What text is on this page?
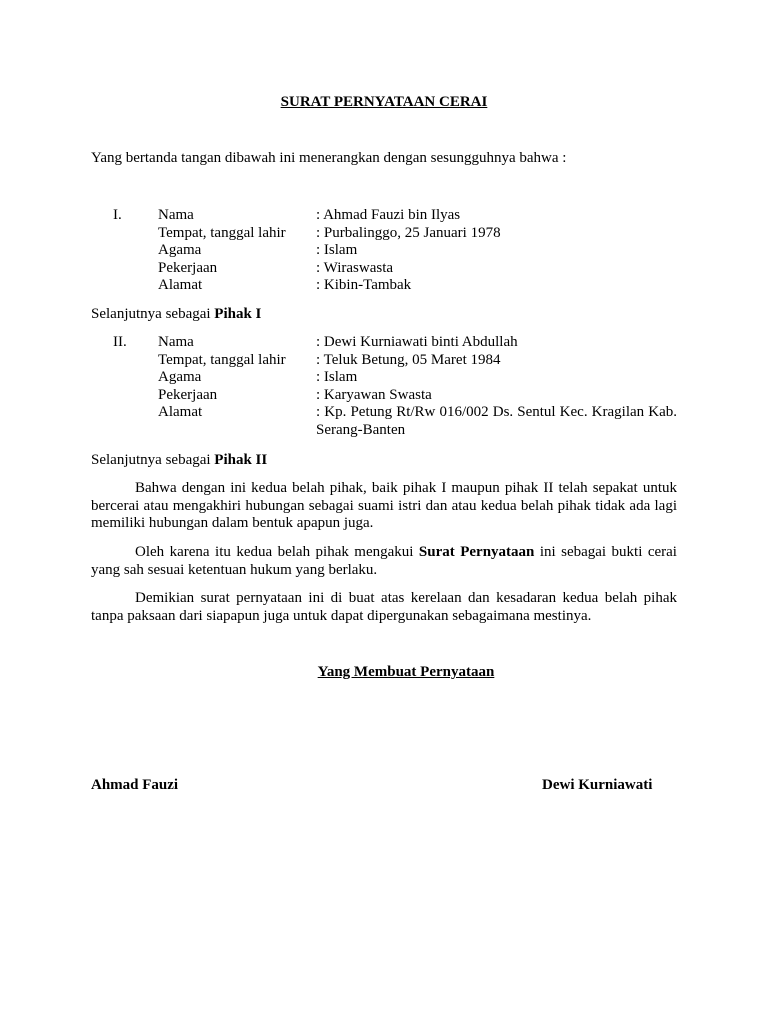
SURAT PERNYATAAN CERAI
Yang bertanda tangan dibawah ini menerangkan dengan sesungguhnya bahwa :
I. Nama	: Ahmad Fauzi bin Ilyas
Tempat, tanggal lahir : Purbalinggo, 25 Januari 1978
Agama	: Islam
Pekerjaan	: Wiraswasta
Alamat	: Kibin-Tambak
Selanjutnya sebagai Pihak I
II. Nama	: Dewi Kurniawati binti Abdullah
Tempat, tanggal lahir : Teluk Betung, 05 Maret 1984
Agama	: Islam
Pekerjaan	: Karyawan Swasta
Alamat	: Kp. Petung Rt/Rw 016/002 Ds. Sentul Kec. Kragilan Kab.
Serang-Banten
Selanjutnya sebagai Pihak II
Bahwa dengan ini kedua belah pihak, baik pihak I maupun pihak II telah sepakat untuk bercerai atau mengakhiri hubungan sebagai suami istri dan atau kedua belah pihak tidak ada lagi memiliki hubungan dalam bentuk apapun juga.
Oleh karena itu kedua belah pihak mengakui Surat Pernyataan ini sebagai bukti cerai yang sah sesuai ketentuan hukum yang berlaku.
Demikian surat pernyataan ini di buat atas kerelaan dan kesadaran kedua belah pihak tanpa paksaan dari siapapun juga untuk dapat dipergunakan sebagaimana mestinya.
Yang Membuat Pernyataan
Ahmad Fauzi	Dewi Kurniawati
